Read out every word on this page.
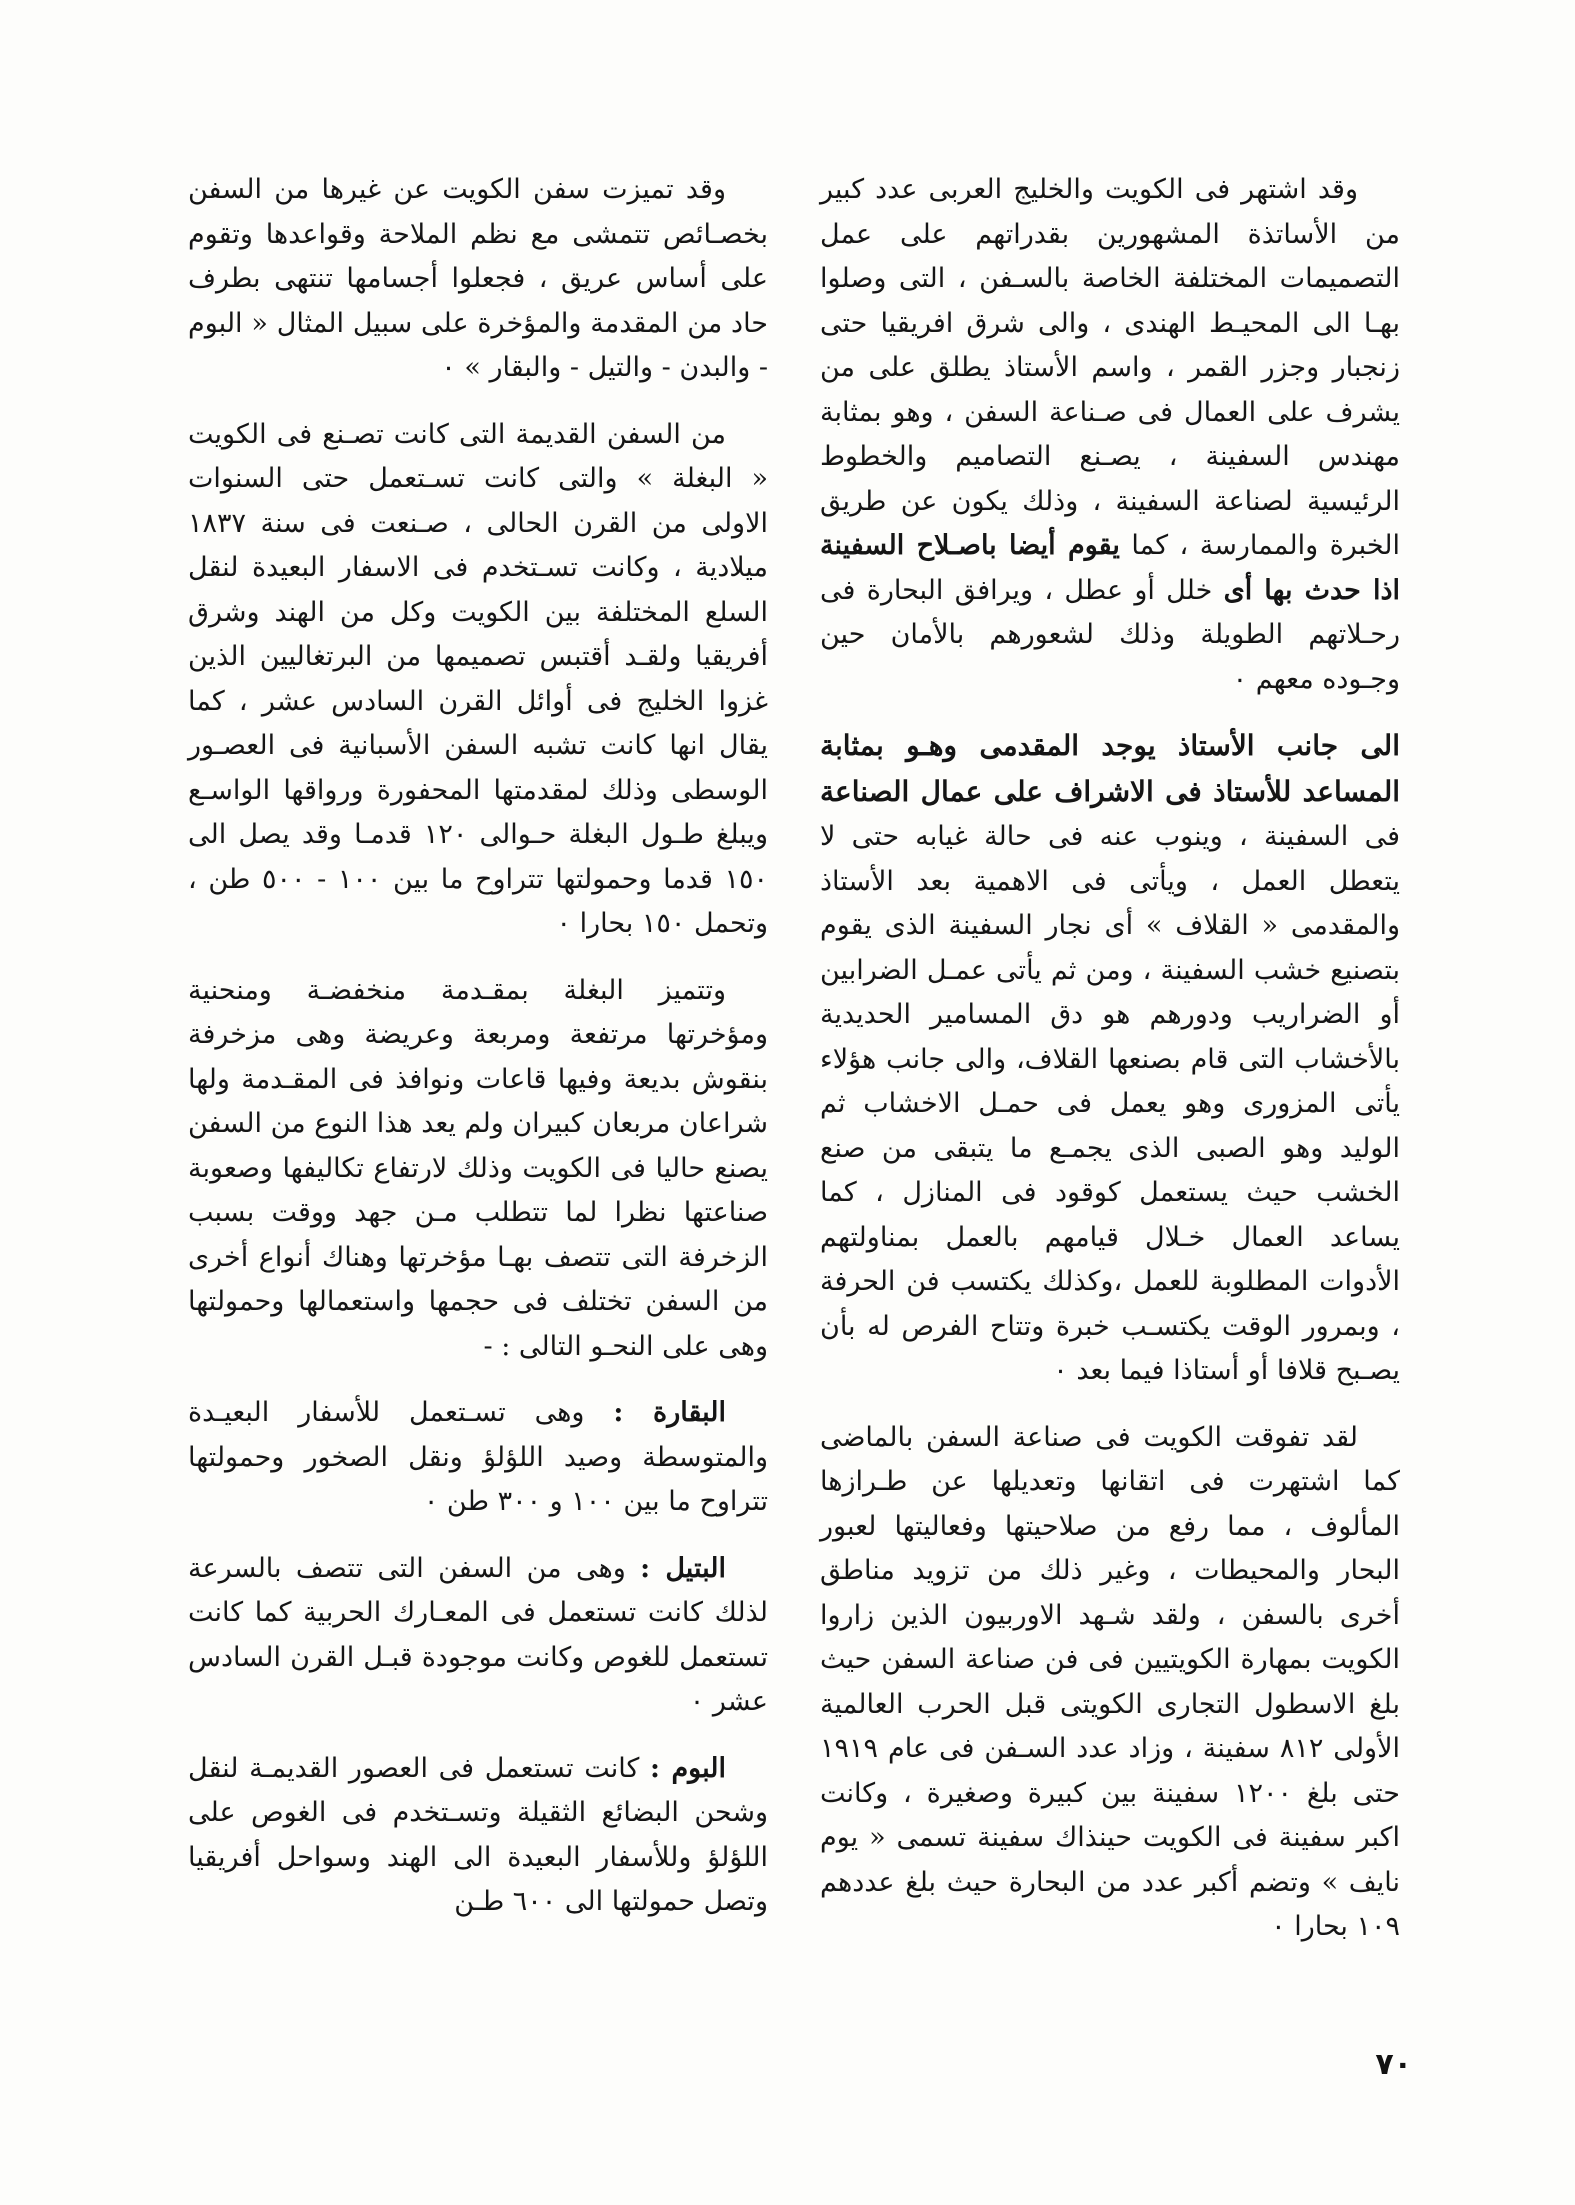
وقد اشتهر فى الكويت والخليج العربى عدد كبير من الأساتذة المشهورين بقدراتهم على عمل التصميمات المختلفة الخاصة بالسـفن ، التى وصلوا بهـا الى المحيـط الهندى ، والى شرق افريقيا حتى زنجبار وجزر القمر ، واسم الأستاذ يطلق على من يشرف على العمال فى صـناعة السفن ، وهو بمثابة مهندس السفينة ، يصـنع التصاميم والخطوط الرئيسية لصناعة السفينة ، وذلك يكون عن طريق الخبرة والممارسة ، كما يقوم أيضا باصـلاح السفينة اذا حدث بها أى خلل أو عطل ، ويرافق البحارة فى رحـلاتهم الطويلة وذلك لشعورهم بالأمان حين وجـوده معهم ٠

الى جانب الأستاذ يوجد المقدمى وهـو بمثابة المساعد للأستاذ فى الاشراف على عمال الصناعة فى السفينة ، وينوب عنه فى حالة غيابه حتى لا يتعطل العمل ، ويأتى فى الاهمية بعد الأستاذ والمقدمى « القلاف » أى نجار السفينة الذى يقوم بتصنيع خشب السفينة ، ومن ثم يأتى عمـل الضرابين أو الضراريب ودورهم هو دق المسامير الحديدية بالأخشاب التى قام بصنعها القلاف، والى جانب هؤلاء يأتى المزورى وهو يعمل فى حمـل الاخشاب ثم الوليد وهو الصبى الذى يجمـع ما يتبقى من صنع الخشب حيث يستعمل كوقود فى المنازل ، كما يساعد العمال خـلال قيامهم بالعمل بمناولتهم الأدوات المطلوبة للعمل ،وكذلك يكتسب فن الحرفة ، وبمرور الوقت يكتسـب خبرة وتتاح الفرص له بأن يصـبح قلافا أو أستاذا فيما بعد ٠

لقد تفوقت الكويت فى صناعة السفن بالماضى كما اشتهرت فى اتقانها وتعديلها عن طـرازها المألوف ، مما رفع من صلاحيتها وفعاليتها لعبور البحار والمحيطات ، وغير ذلك من تزويد مناطق أخرى بالسفن ، ولقد شـهد الاوربيون الذين زاروا الكويت بمهارة الكويتيين فى فن صناعة السفن حيث بلغ الاسطول التجارى الكويتى قبل الحرب العالمية الأولى ٨١٢ سفينة ، وزاد عدد السـفن فى عام ١٩١٩ حتى بلغ ١٢٠٠ سفينة بين كبيرة وصغيرة ، وكانت اكبر سفينة فى الكويت حينذاك سفينة تسمى « يوم نايف » وتضم أكبر عدد من البحارة حيث بلغ عددهم ١٠٩ بحارا ٠

وقد تميزت سفن الكويت عن غيرها من السفن بخصـائص تتمشى مع نظم الملاحة وقواعدها وتقوم على أساس عريق ، فجعلوا أجسامها تنتهى بطرف حاد من المقدمة والمؤخرة على سبيل المثال « البوم - والبدن - والتيل - والبقار » ٠

من السفن القديمة التى كانت تصـنع فى الكويت « البغلة » والتى كانت تسـتعمل حتى السنوات الاولى من القرن الحالى ، صـنعت فى سنة ١٨٣٧ ميلادية ، وكانت تسـتخدم فى الاسفار البعيدة لنقل السلع المختلفة بين الكويت وكل من الهند وشرق أفريقيا ولقـد أقتبس تصميمها من البرتغاليين الذين غزوا الخليج فى أوائل القرن السادس عشر ، كما يقال انها كانت تشبه السفن الأسبانية فى العصـور الوسطى وذلك لمقدمتها المحفورة ورواقها الواسـع ويبلغ طـول البغلة حـوالى ١٢٠ قدمـا وقد يصل الى ١٥٠ قدما وحمولتها تتراوح ما بين ١٠٠ - ٥٠٠ طن ، وتحمل ١٥٠ بحارا ٠

وتتميز البغلة بمقـدمة منخفضـة ومنحنية ومؤخرتها مرتفعة ومربعة وعريضة وهى مزخرفة بنقوش بديعة وفيها قاعات ونوافذ فى المقـدمة ولها شراعان مربعان كبيران ولم يعد هذا النوع من السفن يصنع حاليا فى الكويت وذلك لارتفاع تكاليفها وصعوبة صناعتها نظرا لما تتطلب مـن جهد ووقت بسبب الزخرفة التى تتصف بهـا مؤخرتها وهناك أنواع أخرى من السفن تختلف فى حجمها واستعمالها وحمولتها وهى على النحـو التالى : -

البقارة : وهى تسـتعمل للأسفار البعيـدة والمتوسطة وصيد اللؤلؤ ونقل الصخور وحمولتها تتراوح ما بين ١٠٠ و ٣٠٠ طن ٠

البتيل : وهى من السفن التى تتصف بالسرعة لذلك كانت تستعمل فى المعـارك الحربية كما كانت تستعمل للغوص وكانت موجودة قبـل القرن السادس عشر ٠

البوم : كانت تستعمل فى العصور القديمـة لنقل وشحن البضائع الثقيلة وتسـتخدم فى الغوص على اللؤلؤ وللأسفار البعيدة الى الهند وسواحل أفريقيا وتصل حمولتها الى ٦٠٠ طـن

٧٠
